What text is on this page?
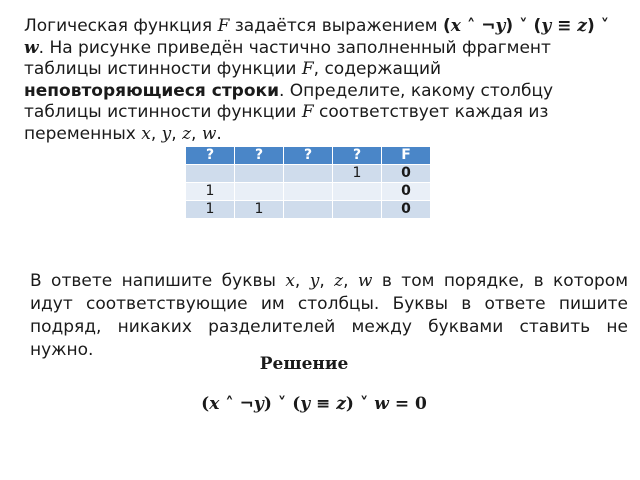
Логическая функция F задаётся выражением (x ˄ ¬y) ˅ (y ≡ z) ˅ w. На рисунке приведён частично заполненный фрагмент таблицы истинности функции F, содержащий неповторяющиеся строки. Определите, какому столбцу таблицы истинности функции F соответствует каждая из переменных x, y, z, w.
?	?	?	?	F
			1	0
1				0
1	1			0
В ответе напишите буквы x, y, z, w в том порядке, в котором идут соответствующие им столбцы. Буквы в ответе пишите подряд, никаких разделителей между буквами ставить не нужно.
Решение
(x ˄ ¬y) ˅ (y ≡ z) ˅ w = 0
